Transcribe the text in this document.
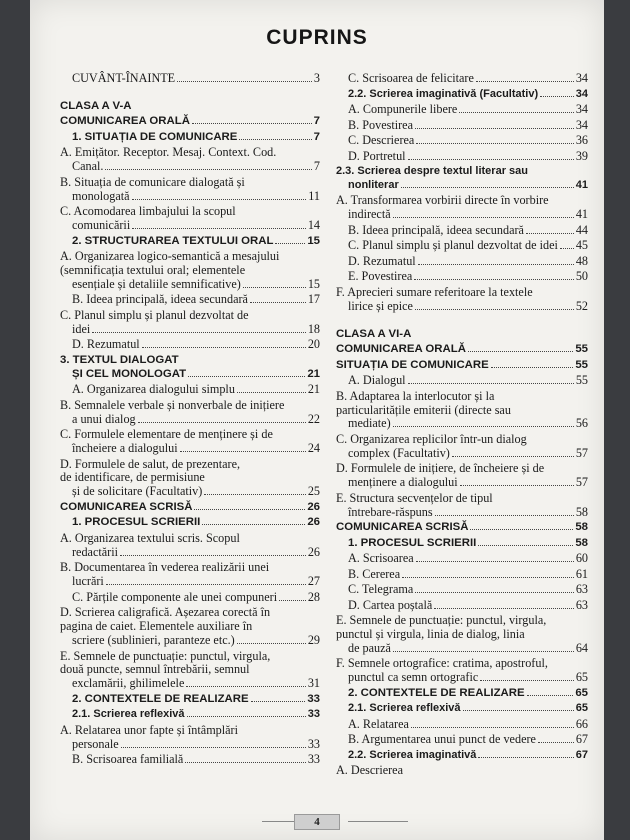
CUPRINS
CUVÂNT-ÎNAINTE	3
CLASA A V-A
COMUNICAREA ORALĂ	7
1. SITUAȚIA DE COMUNICARE	7
A. Emițător. Receptor. Mesaj. Context. Cod.
Canal.	7
B. Situația de comunicare dialogată și
monologată	11
C. Acomodarea limbajului la scopul
comunicării	14
2. STRUCTURAREA TEXTULUI ORAL	15
A. Organizarea logico-semantică a mesajului
(semnificația textului oral; elementele
esențiale și detaliile semnificative)	15
B. Ideea principală, ideea secundară	17
C. Planul simplu și planul dezvoltat de
idei	18
D. Rezumatul	20
3. TEXTUL DIALOGAT
ȘI CEL MONOLOGAT	21
A. Organizarea dialogului simplu	21
B. Semnalele verbale și nonverbale de inițiere
a unui dialog	22
C. Formulele elementare de menținere și de
încheiere a dialogului	24
D. Formulele de salut, de prezentare,
de identificare, de permisiune
și de solicitare (Facultativ)	25
COMUNICAREA SCRISĂ	26
1. PROCESUL SCRIERII	26
A. Organizarea textului scris. Scopul
redactării	26
B. Documentarea în vederea realizării unei
lucrări	27
C. Părțile componente ale unei compuneri	28
D. Scrierea caligrafică. Așezarea corectă în
pagina de caiet. Elementele auxiliare în
scriere (sublinieri, paranteze etc.)	29
E. Semnele de punctuație: punctul, virgula,
două puncte, semnul întrebării, semnul
exclamării, ghilimelele	31
2. CONTEXTELE DE REALIZARE	33
2.1. Scrierea reflexivă	33
A. Relatarea unor fapte și întâmplări
personale	33
B. Scrisoarea familială	33
C. Scrisoarea de felicitare	34
2.2. Scrierea imaginativă (Facultativ)	34
A. Compunerile libere	34
B. Povestirea	34
C. Descrierea	36
D. Portretul	39
2.3. Scrierea despre textul literar sau
nonliterar	41
A. Transformarea vorbirii directe în vorbire
indirectă	41
B. Ideea principală, ideea secundară	44
C. Planul simplu și planul dezvoltat de idei 45
D. Rezumatul	48
E. Povestirea	50
F. Aprecieri sumare referitoare la textele
lirice și epice	52
CLASA A VI-A
COMUNICAREA ORALĂ	55
SITUAȚIA DE COMUNICARE	55
A. Dialogul	55
B. Adaptarea la interlocutor și la
particularitățile emiterii (directe sau
mediate)	56
C. Organizarea replicilor într-un dialog
complex (Facultativ)	57
D. Formulele de inițiere, de încheiere și de
menținere a dialogului	57
E. Structura secvențelor de tipul
întrebare-răspuns	58
COMUNICAREA SCRISĂ	58
1. PROCESUL SCRIERII	58
A. Scrisoarea	60
B. Cererea	61
C. Telegrama	63
D. Cartea poștală	63
E. Semnele de punctuație: punctul, virgula,
punctul și virgula, linia de dialog, linia
de pauză	64
F. Semnele ortografice: cratima, apostroful,
punctul ca semn ortografic	65
2. CONTEXTELE DE REALIZARE	65
2.1. Scrierea reflexivă	65
A. Relatarea	66
B. Argumentarea unui punct de vedere	67
2.2. Scrierea imaginativă	67
A. Descrierea
4
